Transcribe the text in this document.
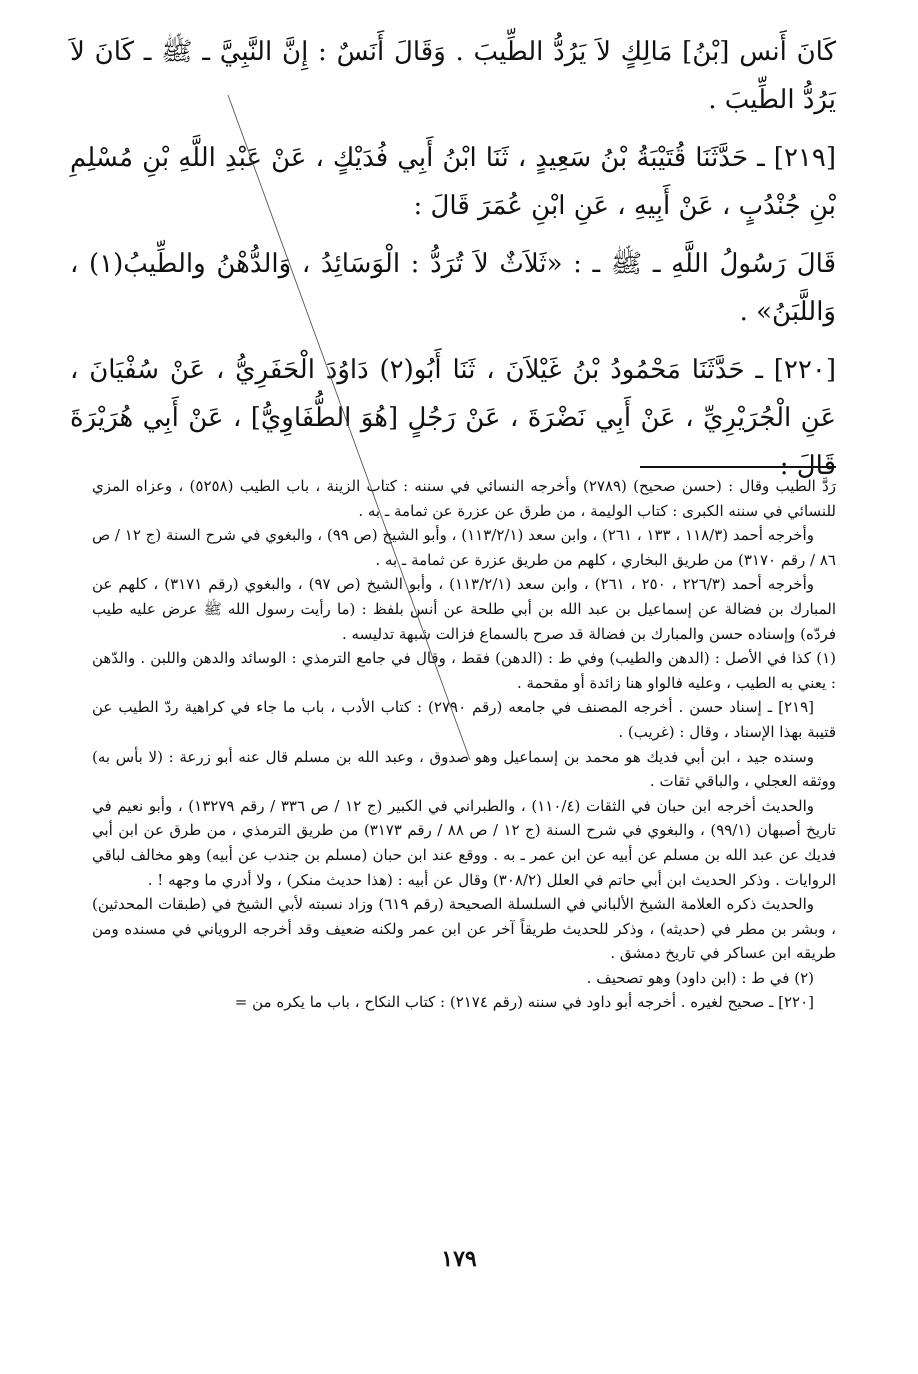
كَانَ أَنس [بْنُ] مَالِكٍ لاَ يَرُدُّ الطِّيبَ . وَقَالَ أَنَسٌ : إِنَّ النَّبِيَّ ـ ﷺ ـ كَانَ لاَ يَرُدُّ الطِّيبَ .

[٢١٩] ـ حَدَّثَنَا قُتَيْبَةُ بْنُ سَعِيدٍ ، ثَنَا ابْنُ أَبِي فُدَيْكٍ ، عَنْ عَبْدِ اللَّهِ بْنِ مُسْلِمِ بْنِ جُنْدُبٍ ، عَنْ أَبِيهِ ، عَنِ ابْنِ عُمَرَ قَالَ :

قَالَ رَسُولُ اللَّهِ ـ ﷺ ـ : «ثَلاَثٌ لاَ تُرَدُّ : الْوَسَائِدُ ، وَالدُّهْنُ والطِّيبُ(١) ، وَاللَّبَنُ» .

[٢٢٠] ـ حَدَّثَنَا مَحْمُودُ بْنُ غَيْلاَنَ ، ثَنَا أَبُو(٢) دَاوُدَ الْحَفَرِيُّ ، عَنْ سُفْيَانَ ، عَنِ الْجُرَيْرِيِّ ، عَنْ أَبِي نَضْرَةَ ، عَنْ رَجُلٍ [هُوَ الطُّفَاوِيُّ] ، عَنْ أَبِي هُرَيْرَةَ قَالَ :

رَدَّ الطيب وقال : (حسن صحيح) (٢٧٨٩) وأخرجه النسائي في سننه : كتاب الزينة ، باب الطيب (٥٢٥٨) ، وعزاه المزي للنسائي في سننه الكبرى : كتاب الوليمة ، من طرق عن عزرة عن ثمامة ـ به .

وأخرجه أحمد (١١٨/٣ ، ١٣٣ ، ٢٦١) ، وابن سعد (١١٣/٢/١) ، وأبو الشيخ (ص ٩٩) ، والبغوي في شرح السنة (ج ١٢ / ص ٨٦ / رقم ٣١٧٠) من طريق البخاري ، كلهم من طريق عزرة عن ثمامة ـ به .

وأخرجه أحمد (٢٢٦/٣ ، ٢٥٠ ، ٢٦١) ، وابن سعد (١١٣/٢/١) ، وأبو الشيخ (ص ٩٧) ، والبغوي (رقم ٣١٧١) ، كلهم عن المبارك بن فضالة عن إسماعيل بن عبد الله بن أبي طلحة عن أنس بلفظ : (ما رأيت رسول الله ﷺ عرض عليه طيب فردّه) وإسناده حسن والمبارك بن فضالة قد صرح بالسماع فزالت شبهة تدليسه .

(١) كذا في الأصل : (الدهن والطيب) وفي ط : (الدهن) فقط ، وقال في جامع الترمذي : الوسائد والدهن واللبن . والدّهن : يعني به الطيب ، وعليه فالواو هنا زائدة أو مقحمة .

[٢١٩] ـ إسناد حسن . أخرجه المصنف في جامعه (رقم ٢٧٩٠) : كتاب الأدب ، باب ما جاء في كراهية ردّ الطيب عن قتيبة بهذا الإسناد ، وقال : (غريب) .

وسنده جيد ، ابن أبي فديك هو محمد بن إسماعيل وهو صدوق ، وعبد الله بن مسلم قال عنه أبو زرعة : (لا بأس به) ووثقه العجلي ، والباقي ثقات .

والحديث أخرجه ابن حبان في الثقات (١١٠/٤) ، والطبراني في الكبير (ج ١٢ / ص ٣٣٦ / رقم ١٣٢٧٩) ، وأبو نعيم في تاريخ أصبهان (٩٩/١) ، والبغوي في شرح السنة (ج ١٢ / ص ٨٨ / رقم ٣١٧٣) من طريق الترمذي ، من طرق عن ابن أبي فديك عن عبد الله بن مسلم عن أبيه عن ابن عمر ـ به . ووقع عند ابن حبان (مسلم بن جندب عن أبيه) وهو مخالف لباقي الروايات . وذكر الحديث ابن أبي حاتم في العلل (٣٠٨/٢) وقال عن أبيه : (هذا حديث منكر) ، ولا أدري ما وجهه ! .

والحديث ذكره العلامة الشيخ الألباني في السلسلة الصحيحة (رقم ٦١٩) وزاد نسبته لأبي الشيخ في (طبقات المحدثين) ، وبشر بن مطر في (حديثه) ، وذكر للحديث طريقاً آخر عن ابن عمر ولكنه ضعيف وقد أخرجه الروياني في مسنده ومن طريقه ابن عساكر في تاريخ دمشق .

(٢) في ط : (ابن داود) وهو تصحيف .

[٢٢٠] ـ صحيح لغيره . أخرجه أبو داود في سننه (رقم ٢١٧٤) : كتاب النكاح ، باب ما يكره من =

١٧٩
